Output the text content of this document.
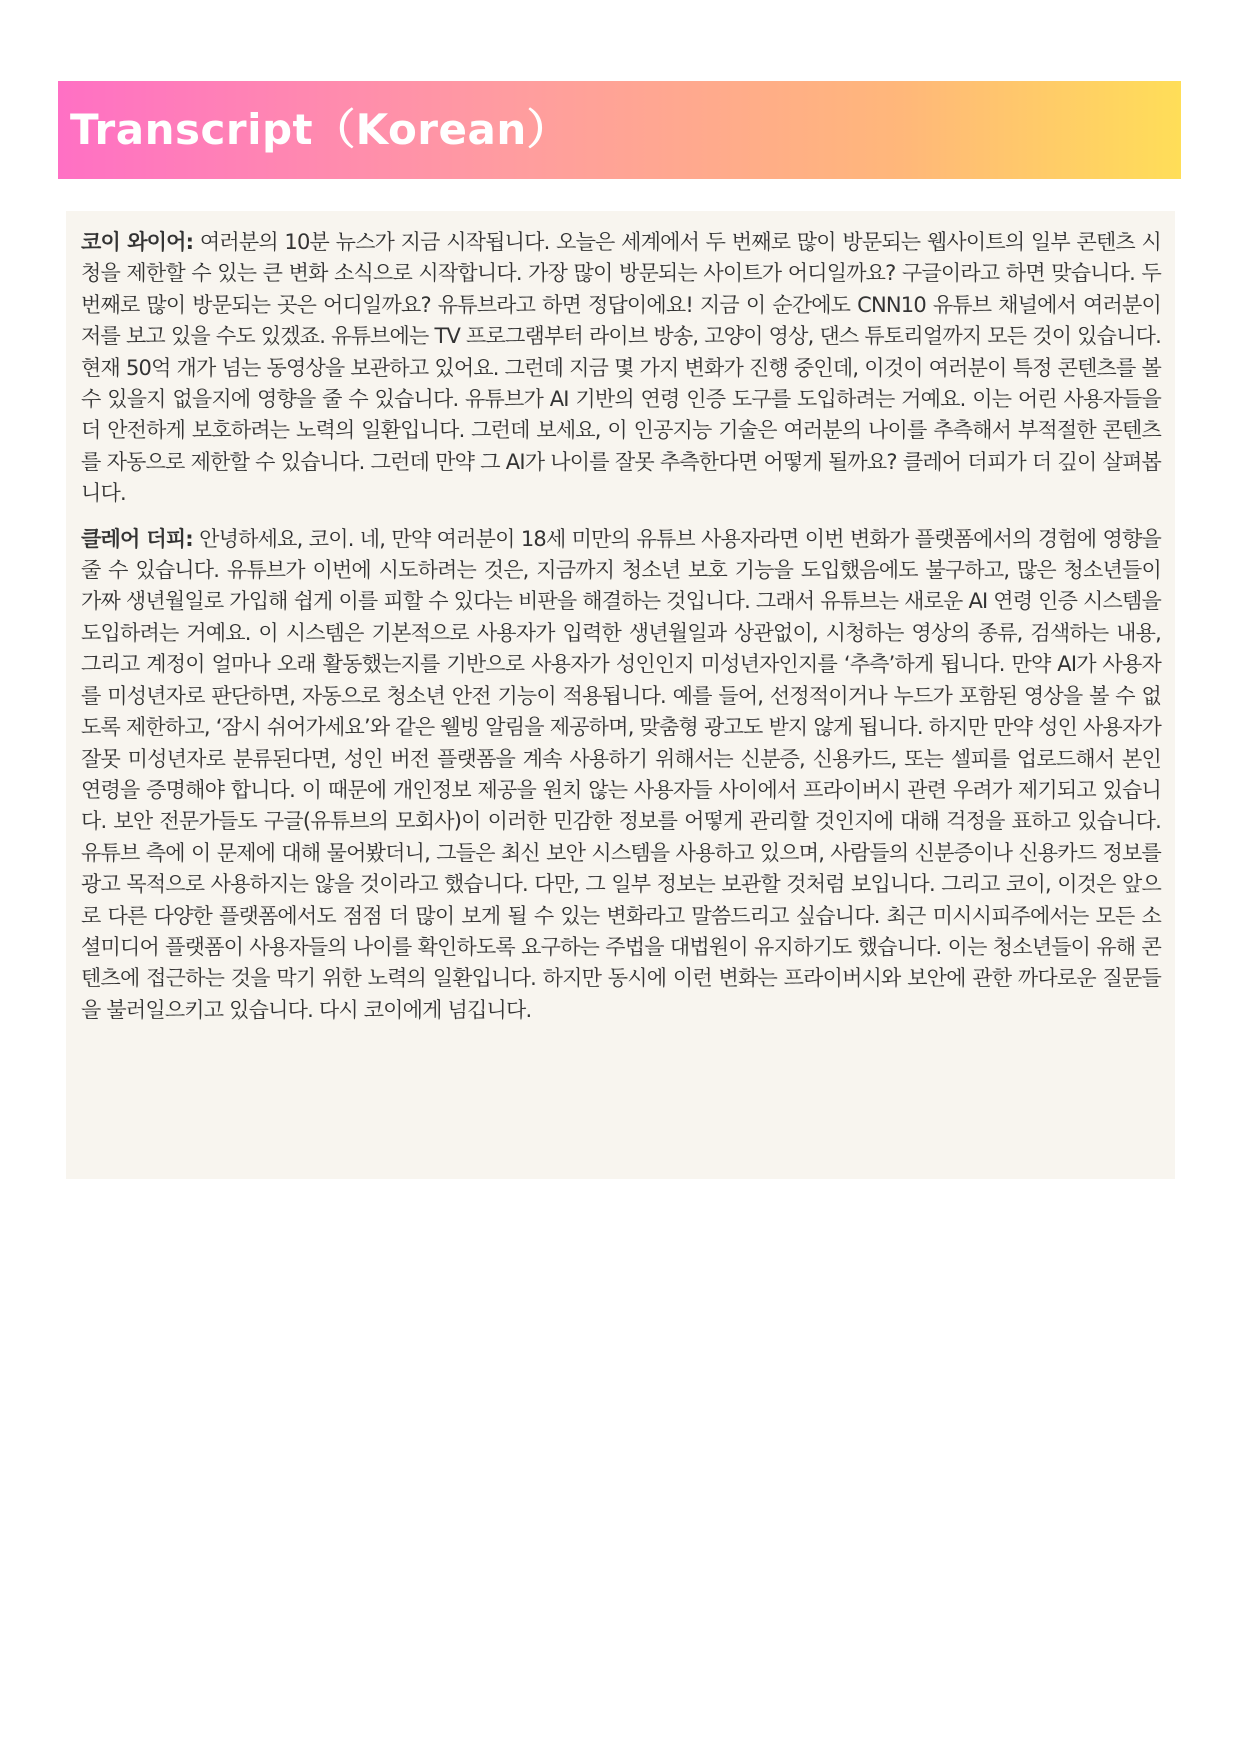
Transcript（Korean）

코이 와이어: 여러분의 10분 뉴스가 지금 시작됩니다. 오늘은 세계에서 두 번째로 많이 방문되는 웹사이트의 일부 콘텐츠 시청을 제한할 수 있는 큰 변화 소식으로 시작합니다. 가장 많이 방문되는 사이트가 어디일까요? 구글이라고 하면 맞습니다. 두 번째로 많이 방문되는 곳은 어디일까요? 유튜브라고 하면 정답이에요! 지금 이 순간에도 CNN10 유튜브 채널에서 여러분이 저를 보고 있을 수도 있겠죠. 유튜브에는 TV 프로그램부터 라이브 방송, 고양이 영상, 댄스 튜토리얼까지 모든 것이 있습니다. 현재 50억 개가 넘는 동영상을 보관하고 있어요. 그런데 지금 몇 가지 변화가 진행 중인데, 이것이 여러분이 특정 콘텐츠를 볼 수 있을지 없을지에 영향을 줄 수 있습니다. 유튜브가 AI 기반의 연령 인증 도구를 도입하려는 거예요. 이는 어린 사용자들을 더 안전하게 보호하려는 노력의 일환입니다. 그런데 보세요, 이 인공지능 기술은 여러분의 나이를 추측해서 부적절한 콘텐츠를 자동으로 제한할 수 있습니다. 그런데 만약 그 AI가 나이를 잘못 추측한다면 어떻게 될까요? 클레어 더피가 더 깊이 살펴봅니다.

클레어 더피: 안녕하세요, 코이. 네, 만약 여러분이 18세 미만의 유튜브 사용자라면 이번 변화가 플랫폼에서의 경험에 영향을 줄 수 있습니다. 유튜브가 이번에 시도하려는 것은, 지금까지 청소년 보호 기능을 도입했음에도 불구하고, 많은 청소년들이 가짜 생년월일로 가입해 쉽게 이를 피할 수 있다는 비판을 해결하는 것입니다. 그래서 유튜브는 새로운 AI 연령 인증 시스템을 도입하려는 거예요. 이 시스템은 기본적으로 사용자가 입력한 생년월일과 상관없이, 시청하는 영상의 종류, 검색하는 내용, 그리고 계정이 얼마나 오래 활동했는지를 기반으로 사용자가 성인인지 미성년자인지를 ‘추측’하게 됩니다. 만약 AI가 사용자를 미성년자로 판단하면, 자동으로 청소년 안전 기능이 적용됩니다. 예를 들어, 선정적이거나 누드가 포함된 영상을 볼 수 없도록 제한하고, ‘잠시 쉬어가세요’와 같은 웰빙 알림을 제공하며, 맞춤형 광고도 받지 않게 됩니다. 하지만 만약 성인 사용자가 잘못 미성년자로 분류된다면, 성인 버전 플랫폼을 계속 사용하기 위해서는 신분증, 신용카드, 또는 셀피를 업로드해서 본인 연령을 증명해야 합니다. 이 때문에 개인정보 제공을 원치 않는 사용자들 사이에서 프라이버시 관련 우려가 제기되고 있습니다. 보안 전문가들도 구글(유튜브의 모회사)이 이러한 민감한 정보를 어떻게 관리할 것인지에 대해 걱정을 표하고 있습니다. 유튜브 측에 이 문제에 대해 물어봤더니, 그들은 최신 보안 시스템을 사용하고 있으며, 사람들의 신분증이나 신용카드 정보를 광고 목적으로 사용하지는 않을 것이라고 했습니다. 다만, 그 일부 정보는 보관할 것처럼 보입니다. 그리고 코이, 이것은 앞으로 다른 다양한 플랫폼에서도 점점 더 많이 보게 될 수 있는 변화라고 말씀드리고 싶습니다. 최근 미시시피주에서는 모든 소셜미디어 플랫폼이 사용자들의 나이를 확인하도록 요구하는 주법을 대법원이 유지하기도 했습니다. 이는 청소년들이 유해 콘텐츠에 접근하는 것을 막기 위한 노력의 일환입니다. 하지만 동시에 이런 변화는 프라이버시와 보안에 관한 까다로운 질문들을 불러일으키고 있습니다. 다시 코이에게 넘깁니다.
